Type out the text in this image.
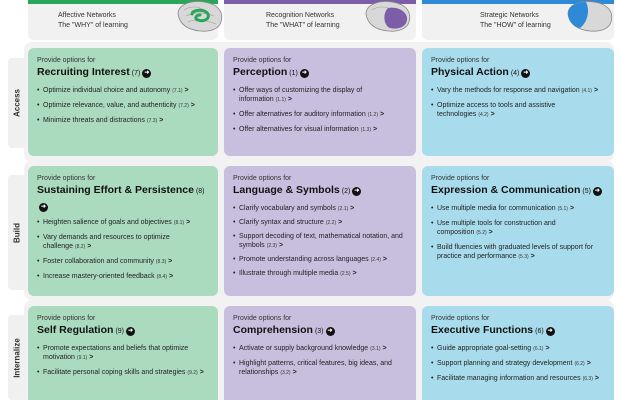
Affective Networks
The "WHY" of learning
Recognition Networks
The "WHAT" of learning
Strategic Networks
The "HOW" of learning
Access
Build
Internalize
Provide options for
Recruiting Interest (7) ➜
• Optimize individual choice and autonomy (7.1) >
• Optimize relevance, value, and authenticity (7.2) >
• Minimize threats and distractions (7.3) >
Provide options for
Perception (1) ➜
• Offer ways of customizing the display of information (1.1) >
• Offer alternatives for auditory information (1.2) >
• Offer alternatives for visual information (1.3) >
Provide options for
Physical Action (4) ➜
• Vary the methods for response and navigation (4.1) >
• Optimize access to tools and assistive technologies (4.2) >
Provide options for
Sustaining Effort & Persistence (8)➜
• Heighten salience of goals and objectives (8.1) >
• Vary demands and resources to optimize challenge (8.2) >
• Foster collaboration and community (8.3) >
• Increase mastery-oriented feedback (8.4) >
Provide options for
Language & Symbols (2) ➜
• Clarify vocabulary and symbols (2.1) >
• Clarify syntax and structure (2.2) >
• Support decoding of text, mathematical notation, and symbols (2.3) >
• Promote understanding across languages (2.4) >
• Illustrate through multiple media (2.5) >
Provide options for
Expression & Communication (5) ➜
• Use multiple media for communication (5.1) >
• Use multiple tools for construction and composition (5.2) >
• Build fluencies with graduated levels of support for practice and performance (5.3) >
Provide options for
Self Regulation (9) ➜
• Promote expectations and beliefs that optimize motivation (9.1) >
• Facilitate personal coping skills and strategies (9.2) >
Provide options for
Comprehension (3) ➜
• Activate or supply background knowledge (3.1) >
• Highlight patterns, critical features, big ideas, and relationships (3.2) >
Provide options for
Executive Functions (6) ➜
• Guide appropriate goal-setting (6.1) >
• Support planning and strategy development (6.2) >
• Facilitate managing information and resources (6.3) >
